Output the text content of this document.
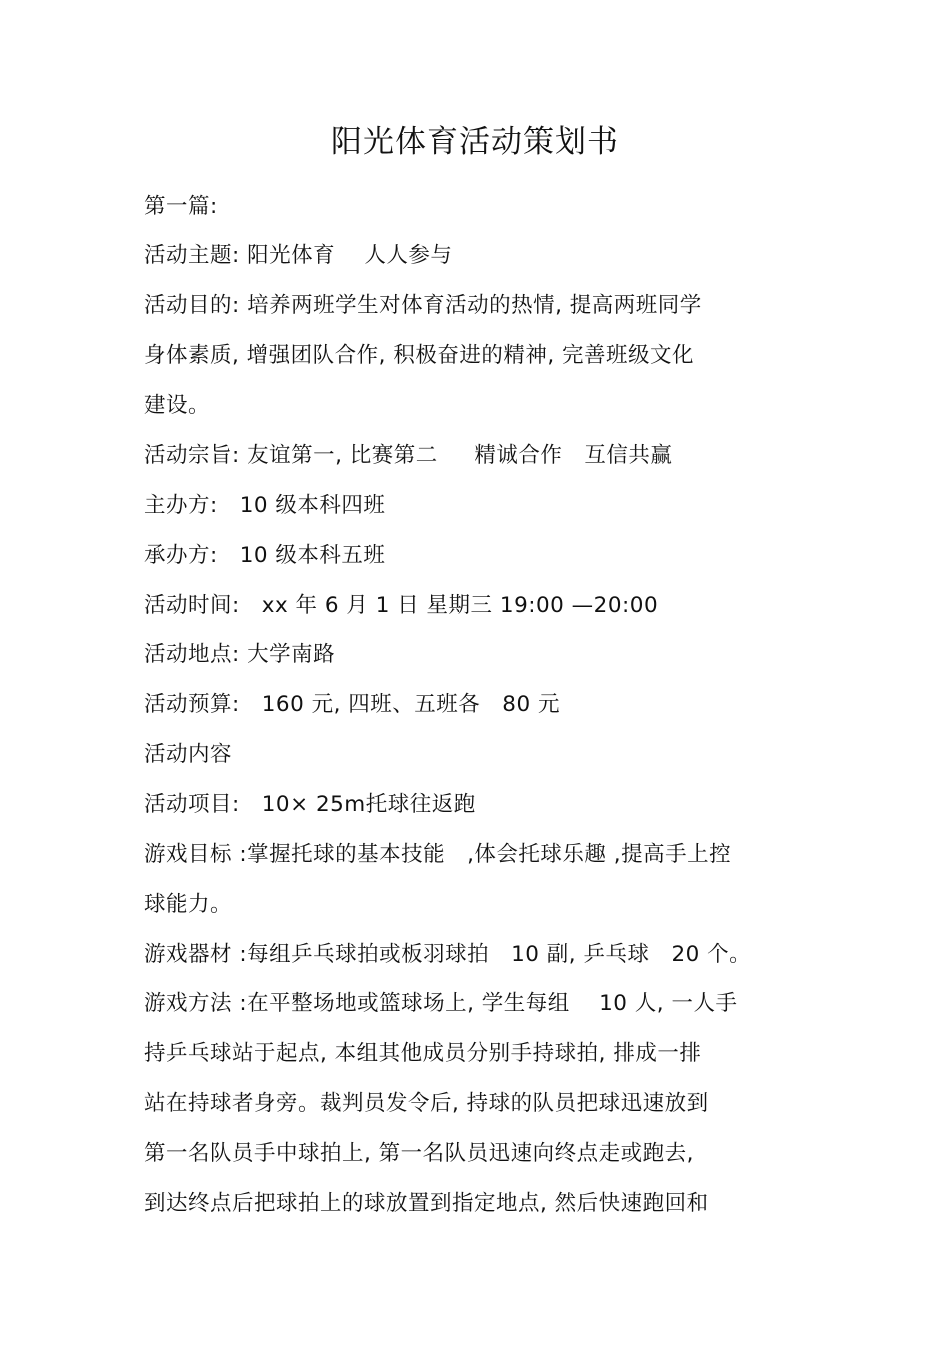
阳光体育活动策划书
第一篇:
活动主题: 阳光体育 　人人参与
活动目的: 培养两班学生对体育活动的热情, 提高两班同学
身体素质, 增强团队合作, 积极奋进的精神, 完善班级文化
建设。
活动宗旨: 友谊第一, 比赛第二 　 精诚合作　互信共赢
主办方:　10 级本科四班
承办方:　10 级本科五班
活动时间:　xx 年 6 月 1 日 星期三 19:00 —20:00
活动地点: 大学南路
活动预算:　160 元, 四班、五班各　80 元
活动内容
活动项目:　10× 25m托球往返跑
游戏目标 :掌握托球的基本技能　,体会托球乐趣 ,提高手上控
球能力。
游戏器材 :每组乒乓球拍或板羽球拍　10 副, 乒乓球　20 个。
游戏方法 :在平整场地或篮球场上, 学生每组　 10 人, 一人手
持乒乓球站于起点, 本组其他成员分别手持球拍, 排成一排
站在持球者身旁。裁判员发令后, 持球的队员把球迅速放到
第一名队员手中球拍上, 第一名队员迅速向终点走或跑去,
到达终点后把球拍上的球放置到指定地点, 然后快速跑回和
